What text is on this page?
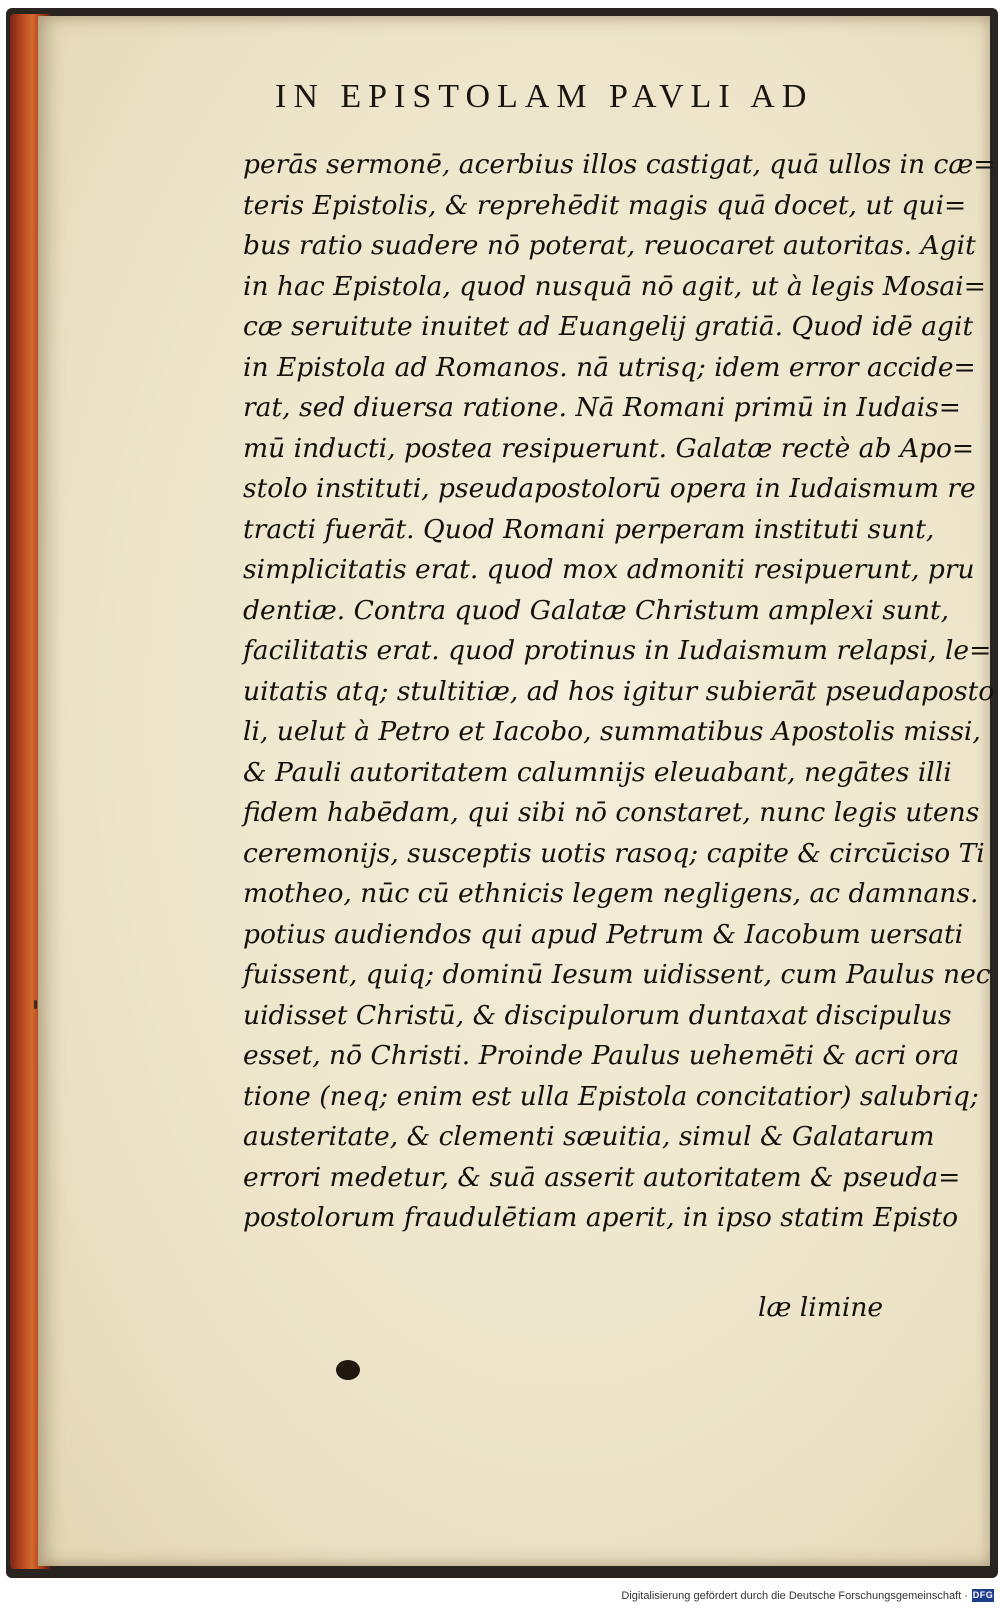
IN EPISTOLAM PAVLI AD
perās sermonē, acerbius illos castigat, quā ullos in cæ=
teris Epistolis, & reprehēdit magis quā docet, ut qui=
bus ratio suadere nō poterat, reuocaret autoritas. Agit
in hac Epistola, quod nusquā nō agit, ut à legis Mosai=
cæ seruitute inuitet ad Euangelij gratiā. Quod idē agit
in Epistola ad Romanos. nā utrisq; idem error accide=
rat, sed diuersa ratione. Nā Romani primū in Iudais=
mū inducti, postea resipuerunt. Galatæ rectè ab Apo=
stolo instituti, pseudapostolorū opera in Iudaismum re
tracti fuerāt. Quod Romani perperam instituti sunt,
simplicitatis erat. quod mox admoniti resipuerunt, pru
dentiæ. Contra quod Galatæ Christum amplexi sunt,
facilitatis erat. quod protinus in Iudaismum relapsi, le=
uitatis atq; stultitiæ, ad hos igitur subierāt pseudaposto
li, uelut à Petro et Iacobo, summatibus Apostolis missi,
& Pauli autoritatem calumnijs eleuabant, negātes illi
fidem habēdam, qui sibi nō constaret, nunc legis utens
ceremonijs, susceptis uotis rasoq; capite & circūciso Ti
motheo, nūc cū ethnicis legem negligens, ac damnans.
potius audiendos qui apud Petrum & Iacobum uersati
fuissent, quiq; dominū Iesum uidissent, cum Paulus nec
uidisset Christū, & discipulorum duntaxat discipulus
esset, nō Christi. Proinde Paulus uehemēti & acri ora
tione (neq; enim est ulla Epistola concitatior) salubriq;
austeritate, & clementi sæuitia, simul & Galatarum
errori medetur, & suā asserit autoritatem & pseuda=
postolorum fraudulētiam aperit, in ipso statim Episto
læ limine
Digitalisierung gefördert durch die Deutsche Forschungsgemeinschaft · DFG
